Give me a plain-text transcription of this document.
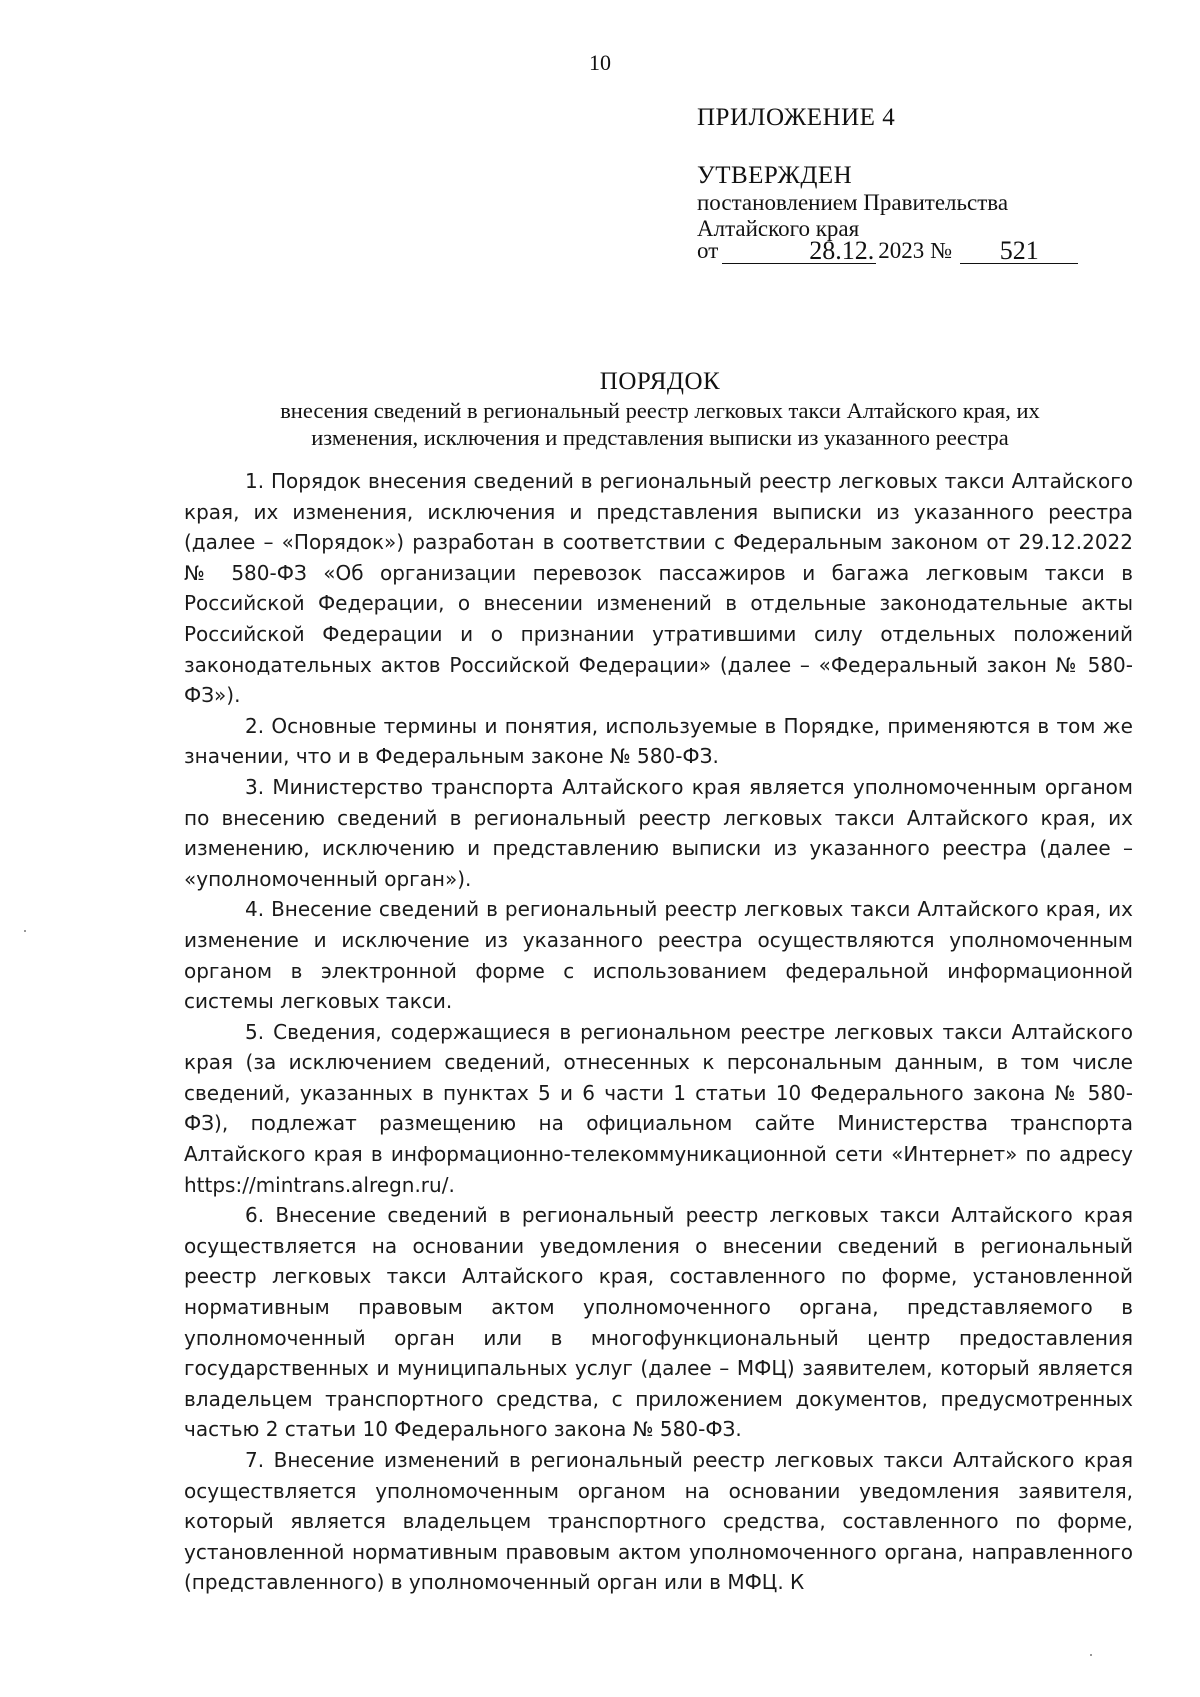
10
ПРИЛОЖЕНИЕ 4
УТВЕРЖДЕН
постановлением Правительства
Алтайского края
от	28.12. 2023 №	521
ПОРЯДОК
внесения сведений в региональный реестр легковых такси Алтайского края, их
изменения, исключения и представления выписки из указанного реестра

1. Порядок внесения сведений в региональный реестр легковых такси Алтайского края, их изменения, исключения и представления выписки из указанного реестра (далее – «Порядок») разработан в соответствии с Федеральным законом от 29.12.2022 № 580-ФЗ «Об организации перевозок пассажиров и багажа легковым такси в Российской Федерации, о внесении изменений в отдельные законодательные акты Российской Федерации и о признании утратившими силу отдельных положений законодательных актов Российской Федерации» (далее – «Федеральный закон № 580-ФЗ»).

2. Основные термины и понятия, используемые в Порядке, применяются в том же значении, что и в Федеральным законе № 580-ФЗ.

3. Министерство транспорта Алтайского края является уполномоченным органом по внесению сведений в региональный реестр легковых такси Алтайского края, их изменению, исключению и представлению выписки из указанного реестра (далее – «уполномоченный орган»).

4. Внесение сведений в региональный реестр легковых такси Алтайского края, их изменение и исключение из указанного реестра осуществляются уполномоченным органом в электронной форме с использованием федеральной информационной системы легковых такси.

5. Сведения, содержащиеся в региональном реестре легковых такси Алтайского края (за исключением сведений, отнесенных к персональным данным, в том числе сведений, указанных в пунктах 5 и 6 части 1 статьи 10 Федерального закона № 580-ФЗ), подлежат размещению на официальном сайте Министерства транспорта Алтайского края в информационно-телекоммуникационной сети «Интернет» по адресу https://mintrans.alregn.ru/.

6. Внесение сведений в региональный реестр легковых такси Алтайского края осуществляется на основании уведомления о внесении сведений в региональный реестр легковых такси Алтайского края, составленного по форме, установленной нормативным правовым актом уполномоченного органа, представляемого в уполномоченный орган или в многофункциональный центр предоставления государственных и муниципальных услуг (далее – МФЦ) заявителем, который является владельцем транспортного средства, с приложением документов, предусмотренных частью 2 статьи 10 Федерального закона № 580-ФЗ.

7. Внесение изменений в региональный реестр легковых такси Алтайского края осуществляется уполномоченным органом на основании уведомления заявителя, который является владельцем транспортного средства, составленного по форме, установленной нормативным правовым актом уполномоченного органа, направленного (представленного) в уполномоченный орган или в МФЦ. К
